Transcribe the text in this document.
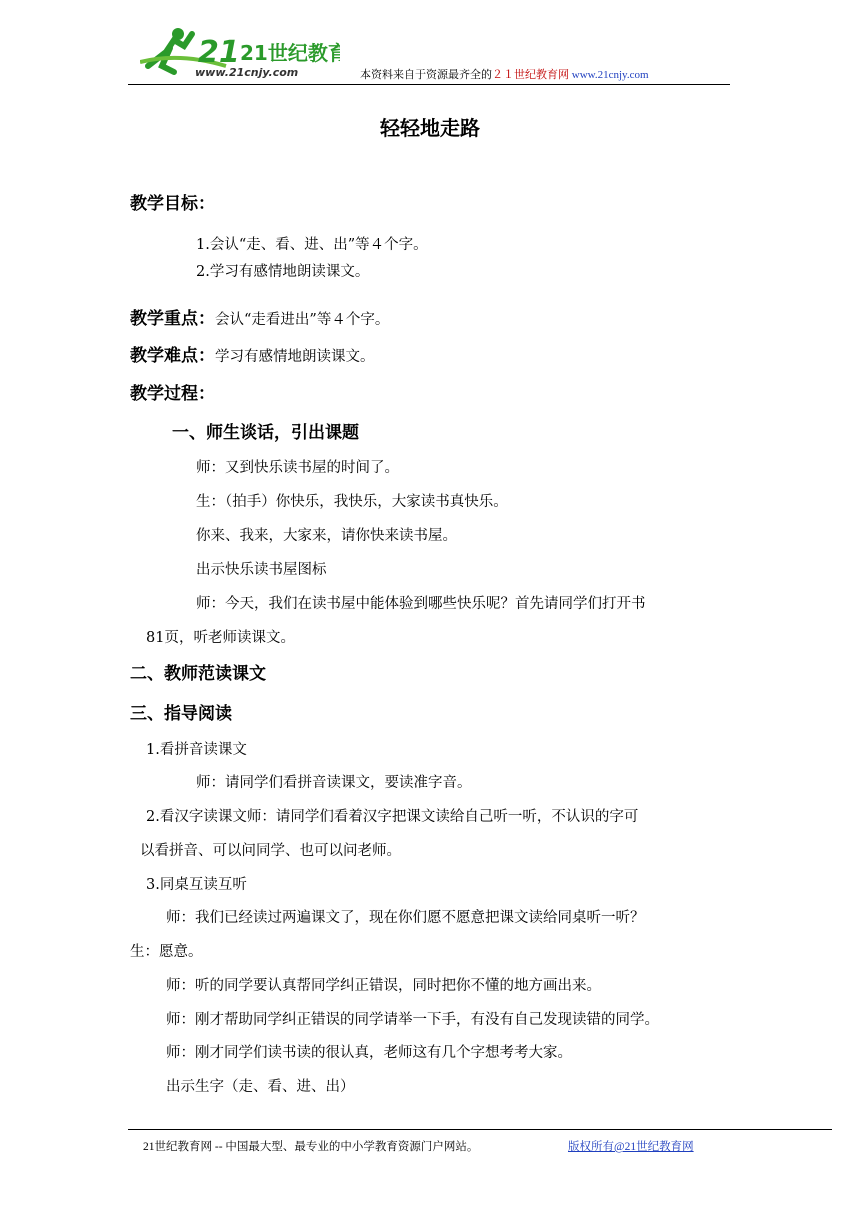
21 21世纪教育
www.21cnjy.com	本资料来自于资源最齐全的２１世纪教育网 www.21cnjy.com
轻轻地走路
教学目标：
1.会认“走、看、进、出”等４个字。
2.学习有感情地朗读课文。
教学重点：会认“走看进出”等４个字。
教学难点：学习有感情地朗读课文。
教学过程：
一、师生谈话，引出课题
师：又到快乐读书屋的时间了。
生：（拍手）你快乐，我快乐，大家读书真快乐。
你来、我来，大家来，请你快来读书屋。
出示快乐读书屋图标
师：今天，我们在读书屋中能体验到哪些快乐呢？首先请同学们打开书
81页，听老师读课文。
二、教师范读课文
三、指导阅读
1.看拼音读课文
师：请同学们看拼音读课文，要读准字音。
2.看汉字读课文师：请同学们看着汉字把课文读给自己听一听，不认识的字可
以看拼音、可以问同学、也可以问老师。
3.同桌互读互听
师：我们已经读过两遍课文了，现在你们愿不愿意把课文读给同桌听一听？
生：愿意。
师：听的同学要认真帮同学纠正错误，同时把你不懂的地方画出来。
师：刚才帮助同学纠正错误的同学请举一下手，有没有自己发现读错的同学。
师：刚才同学们读书读的很认真，老师这有几个字想考考大家。
出示生字（走、看、进、出）
21世纪教育网 -- 中国最大型、最专业的中小学教育资源门户网站。	版权所有@21世纪教育网
